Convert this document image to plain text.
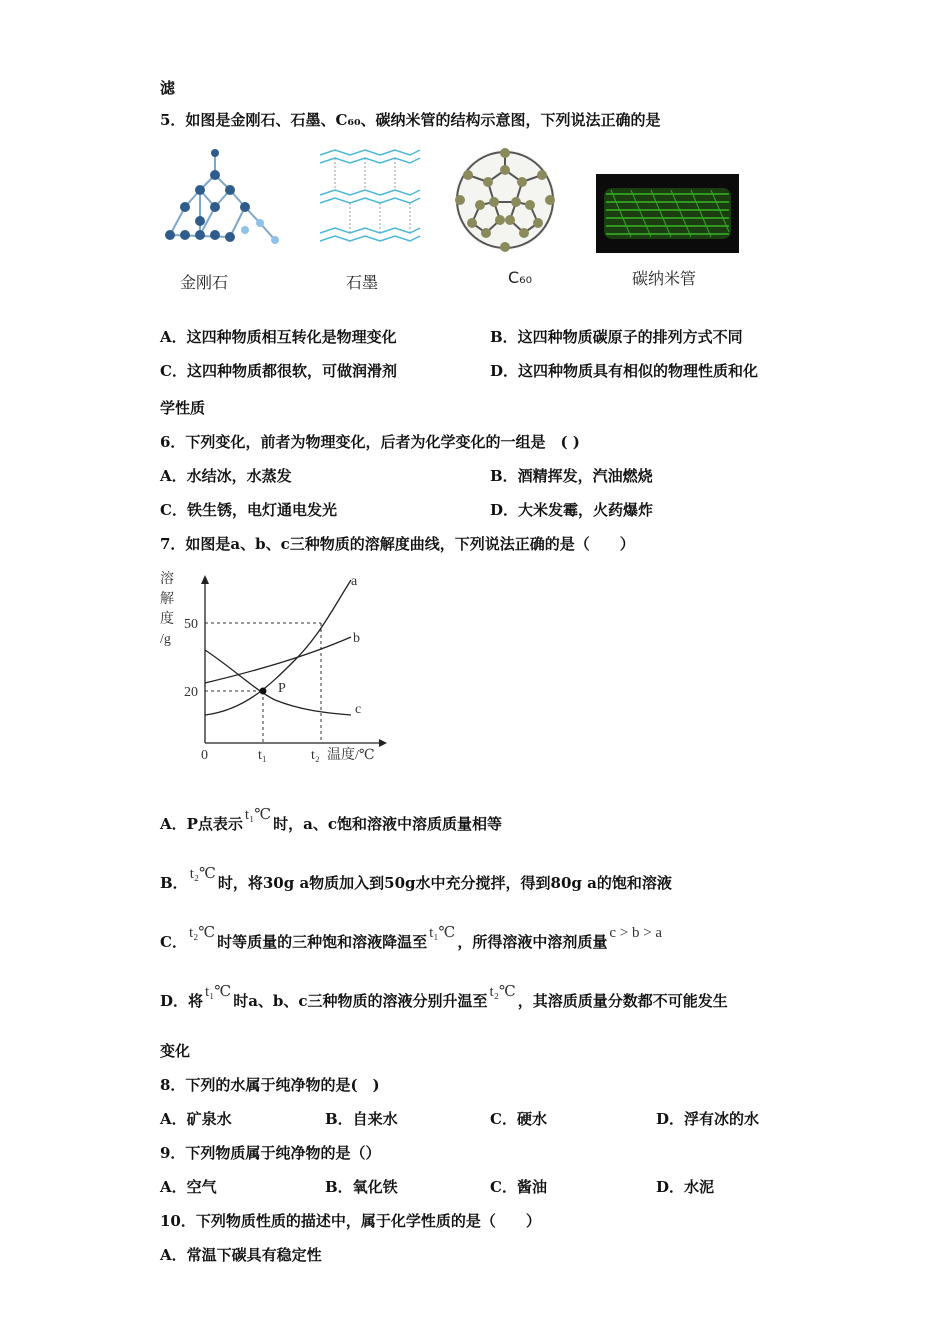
滤
5．如图是金刚石、石墨、C₆₀、碳纳米管的结构示意图，下列说法正确的是
金刚石	石墨	C₆₀	碳纳米管
A．这四种物质相互转化是物理变化	B．这四种物质碳原子的排列方式不同
C．这四种物质都很软，可做润滑剂	D．这四种物质具有相似的物理性质和化
学性质
6．下列变化，前者为物理变化，后者为化学变化的一组是　( )
A．水结冰，水蒸发	B．酒精挥发，汽油燃烧
C．铁生锈，电灯通电发光	D．大米发霉，火药爆炸
7．如图是a、b、c三种物质的溶解度曲线，下列说法正确的是（　　）
溶
解
度
/g
50
20
0	t₁	t₂ 温度/℃
a
b
c
P
A．P点表示 t₁℃ 时，a、c饱和溶液中溶质质量相等
B． t₂℃ 时，将30g a物质加入到50g水中充分搅拌，得到80g a的饱和溶液
C． t₂℃ 时等质量的三种饱和溶液降温至 t₁℃ ，所得溶液中溶剂质量 c > b > a
D．将 t₁℃ 时a、b、c三种物质的溶液分别升温至 t₂℃ ，其溶质质量分数都不可能发生
变化
8．下列的水属于纯净物的是(　)
A．矿泉水	B．自来水	C．硬水	D．浮有冰的水
9．下列物质属于纯净物的是（）
A．空气	B．氧化铁	C．酱油	D．水泥
10．下列物质性质的描述中，属于化学性质的是（　　）
A．常温下碳具有稳定性
